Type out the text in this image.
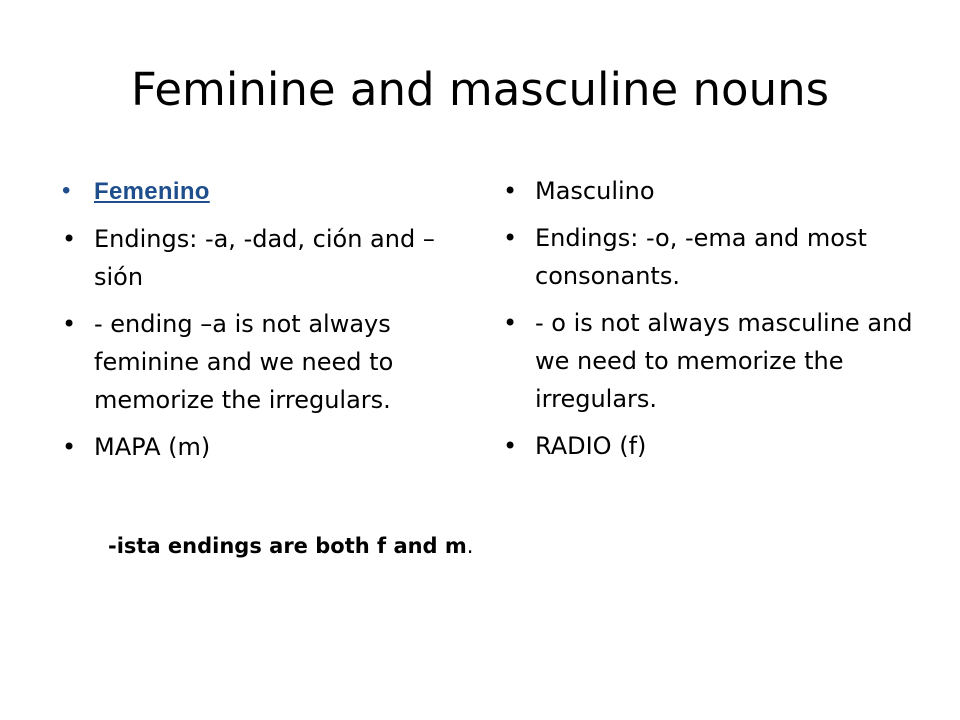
Feminine and masculine nouns
• Femenino
• Endings: -a, -dad, ción and –sión
• - ending –a is not always feminine and we need to memorize the irregulars.
• MAPA (m)
• Masculino
• Endings: -o, -ema and most consonants.
• - o is not always masculine and we need to memorize the irregulars.
• RADIO (f)

-ista endings are both f and m.
